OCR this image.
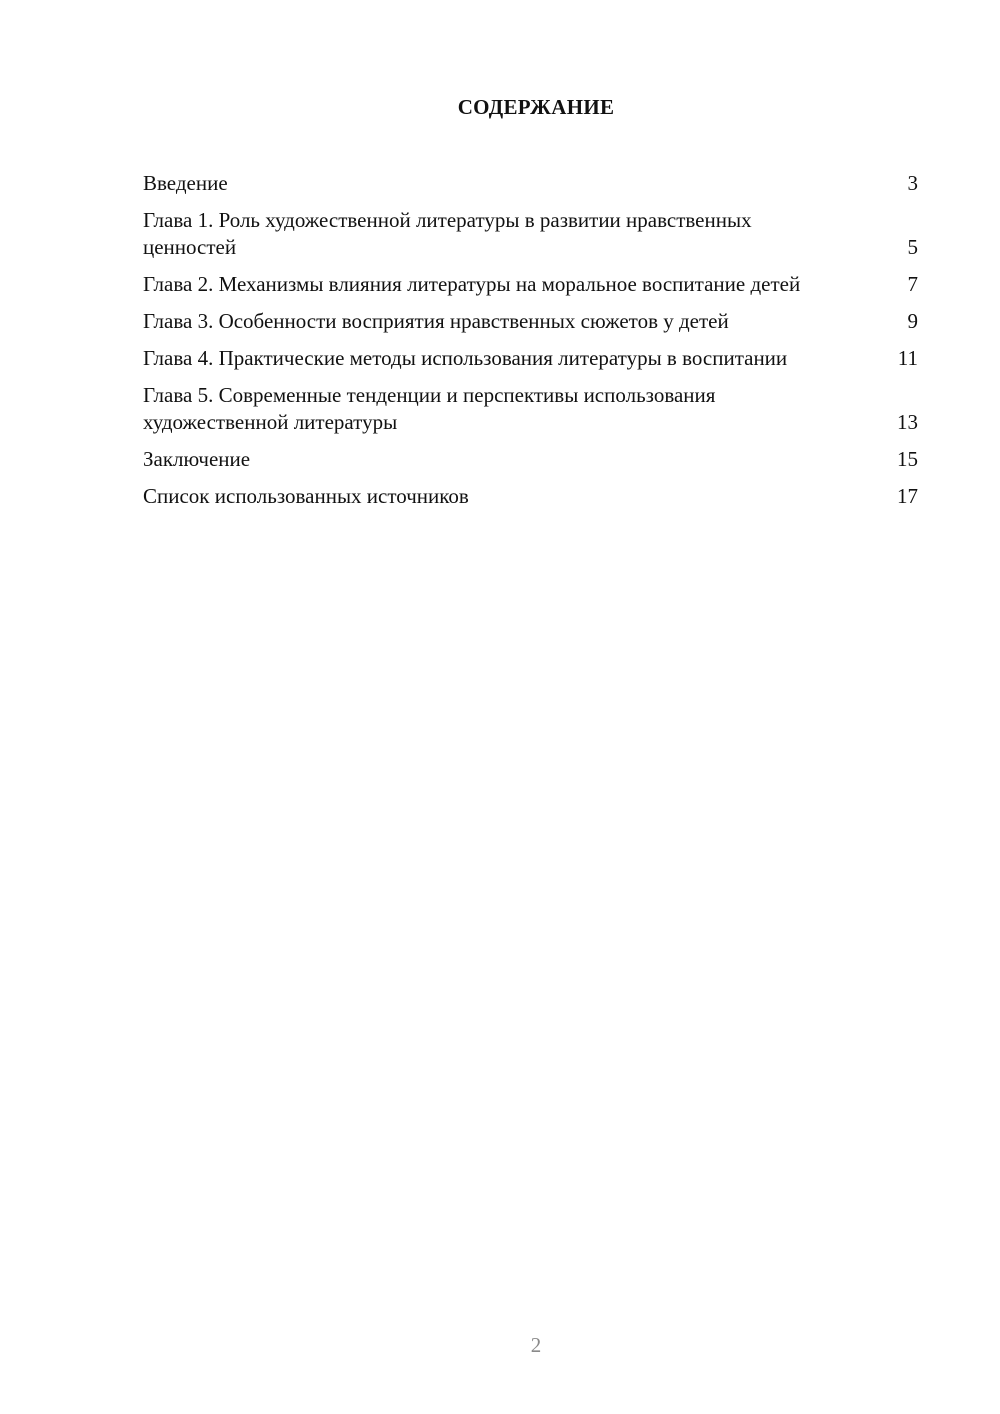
СОДЕРЖАНИЕ
Введение	3
Глава 1. Роль художественной литературы в развитии нравственных ценностей	5
Глава 2. Механизмы влияния литературы на моральное воспитание детей	7
Глава 3. Особенности восприятия нравственных сюжетов у детей	9
Глава 4. Практические методы использования литературы в воспитании	11
Глава 5. Современные тенденции и перспективы использования художественной литературы	13
Заключение	15
Список использованных источников	17
2
